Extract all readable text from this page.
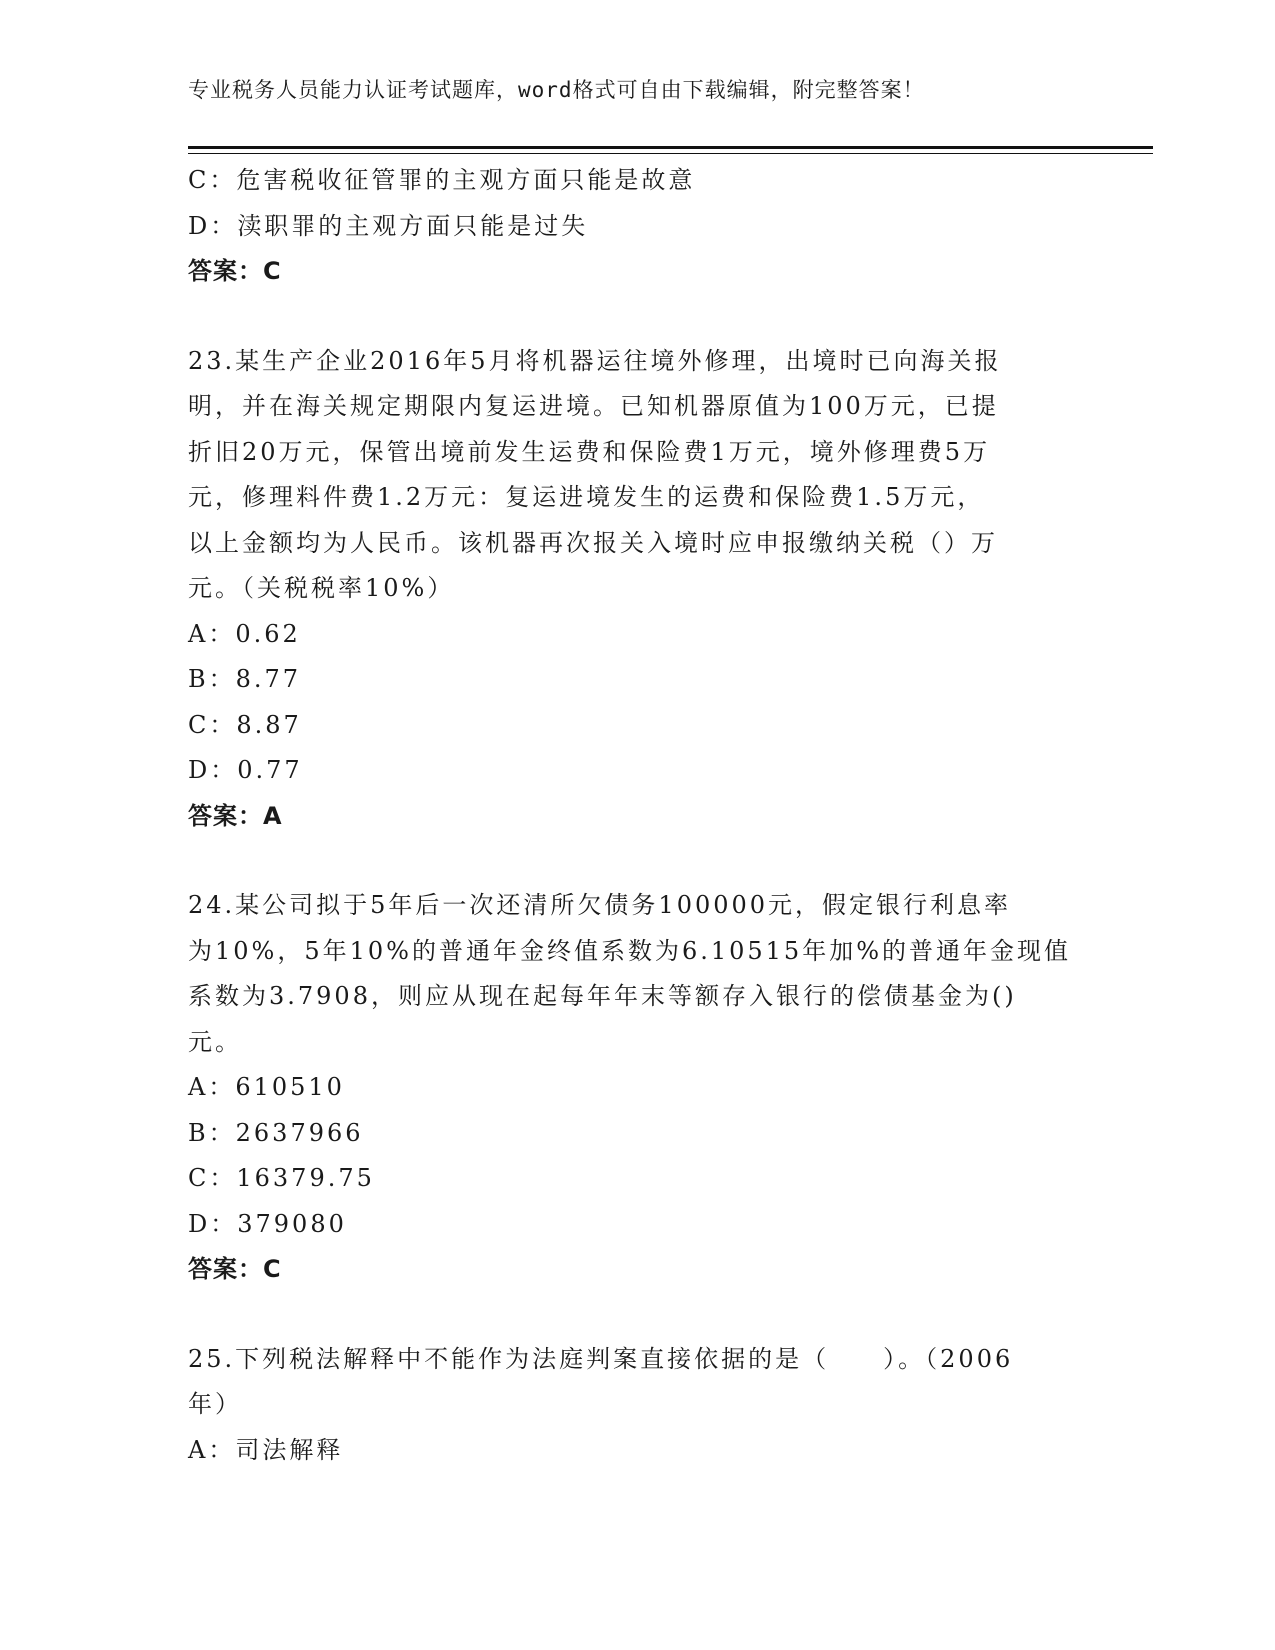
专业税务人员能力认证考试题库，word格式可自由下载编辑，附完整答案！
C：危害税收征管罪的主观方面只能是故意
D：渎职罪的主观方面只能是过失
答案：C
23.某生产企业2016年5月将机器运往境外修理，出境时已向海关报
明，并在海关规定期限内复运进境。已知机器原值为100万元，已提
折旧20万元，保管出境前发生运费和保险费1万元，境外修理费5万
元，修理料件费1.2万元：复运进境发生的运费和保险费1.5万元，
以上金额均为人民币。该机器再次报关入境时应申报缴纳关税（）万
元。（关税税率10%）
A：0.62
B：8.77
C：8.87
D：0.77
答案：A
24.某公司拟于5年后一次还清所欠债务100000元，假定银行利息率
为10%，5年10%的普通年金终值系数为6.10515年加%的普通年金现值
系数为3.7908，则应从现在起每年年末等额存入银行的偿债基金为()
元。
A：610510
B：2637966
C：16379.75
D：379080
答案：C
25.下列税法解释中不能作为法庭判案直接依据的是（　　）。（2006
年）
A：司法解释
